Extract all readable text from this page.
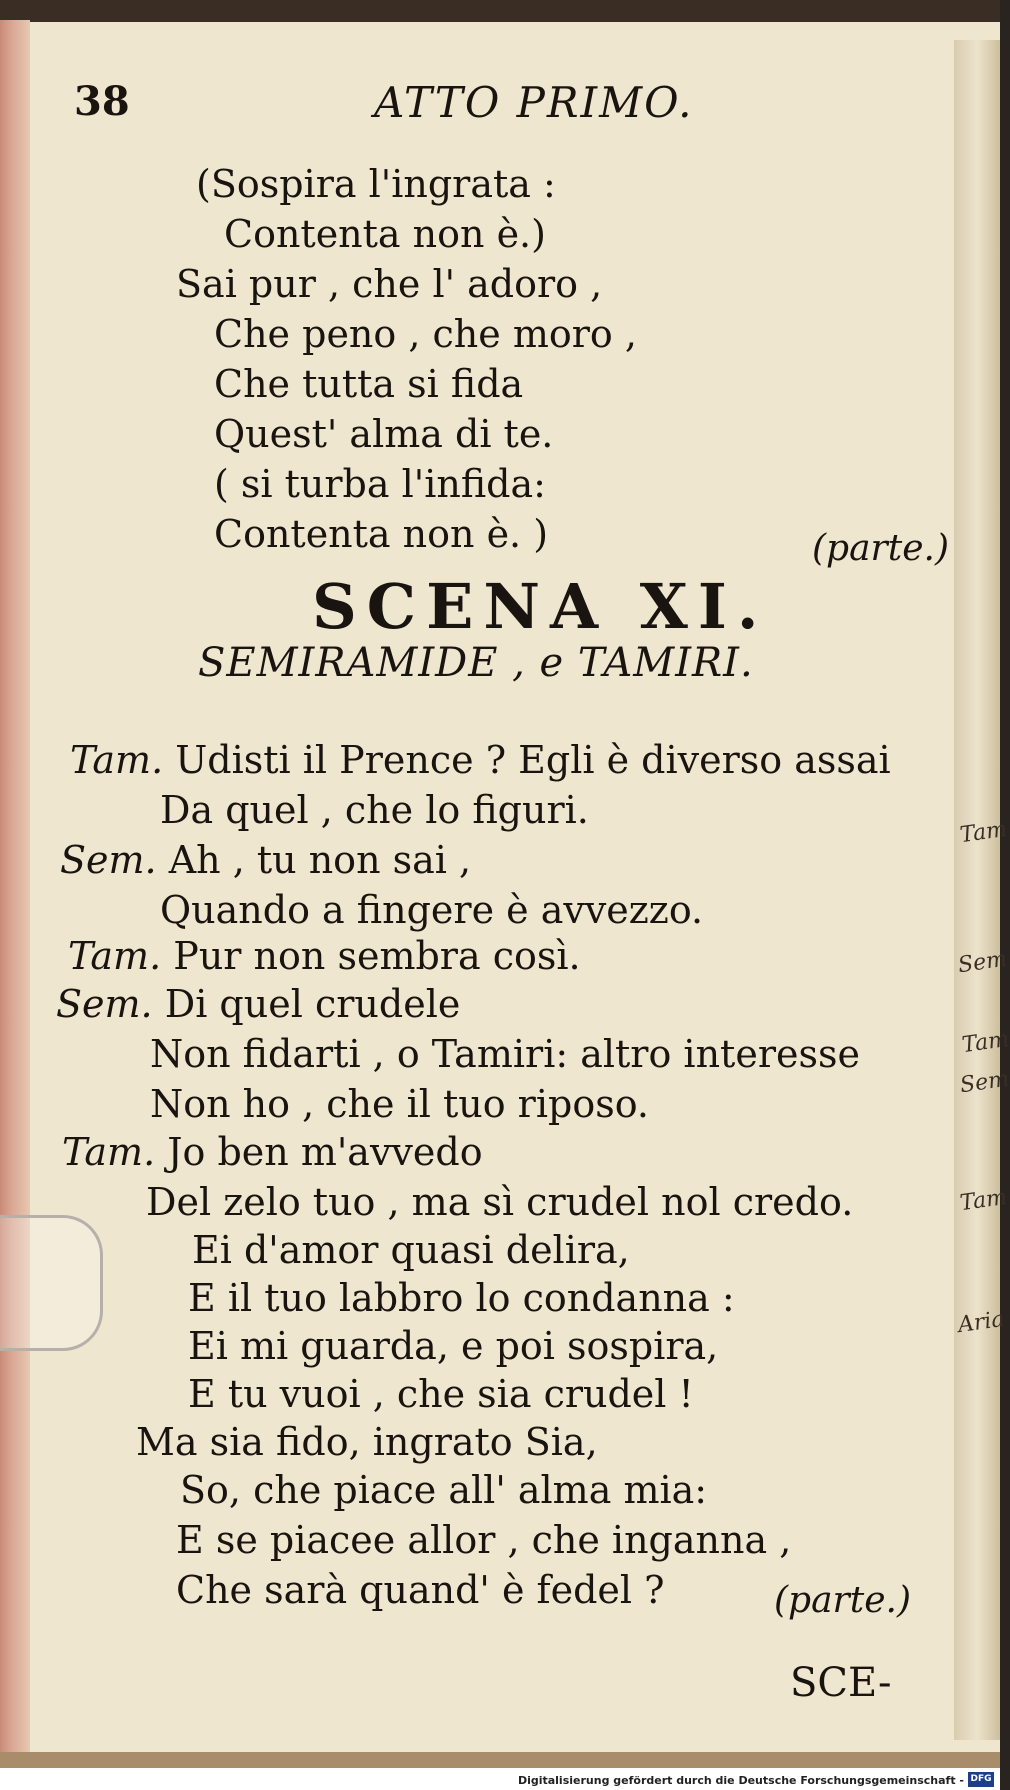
38	ATTO PRIMO.
(Sospira l'ingrata :
Contenta non è.)
Sai pur , che l' adoro ,
Che peno , che moro ,
Che tutta si fida
Quest' alma di te.
( si turba l'infida:
Contenta non è. )	(parte.)
SCENA XI.
SEMIRAMIDE , e TAMIRI.
Tam. Udisti il Prence ? Egli è diverso assai
Da quel , che lo figuri.
Sem. Ah , tu non sai ,
Quando a fingere è avvezzo.
Tam. Pur non sembra così.
Sem. Di quel crudele
Non fidarti , o Tamiri: altro interesse
Non ho , che il tuo riposo.
Tam. Jo ben m'avvedo
Del zelo tuo , ma sì crudel nol credo.
Ei d'amor quasi delira,
E il tuo labbro lo condanna :
Ei mi guarda, e poi sospira,
E tu vuoi , che sia crudel !
Ma sia fido, ingrato Sia,
So, che piace all' alma mia:
E se piacee allor , che inganna ,
Che sarà quand' è fedel ?	(parte.)
SCE-
Tam
Sem
Tam
Sem
Tam
Aria
Digitalisierung gefördert durch die Deutsche Forschungsgemeinschaft - DFG
